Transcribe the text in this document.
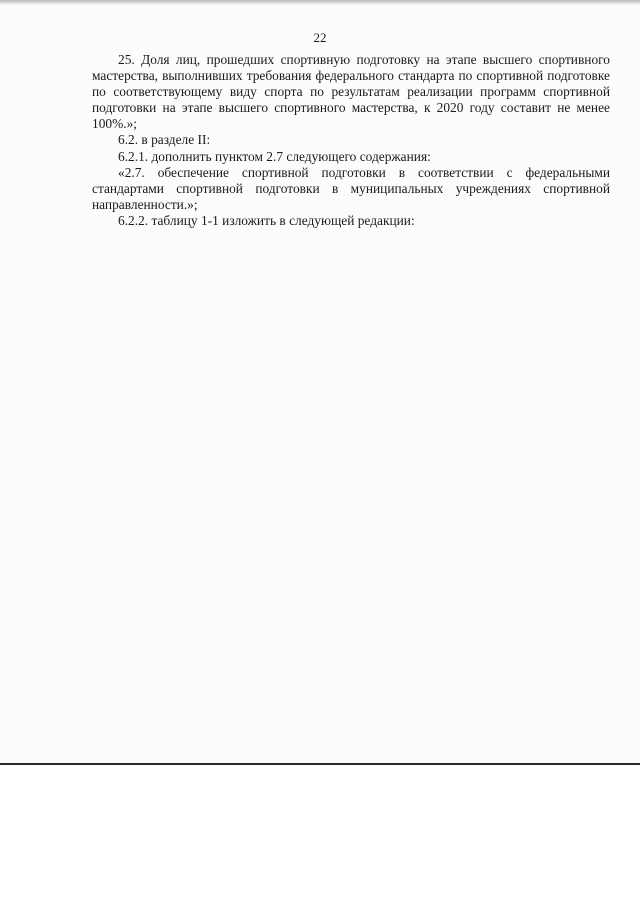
22

25. Доля лиц, прошедших спортивную подготовку на этапе высшего спортивного мастерства, выполнивших требования федерального стандарта по спортивной подготовке по соответствующему виду спорта по результатам реализации программ спортивной подготовки на этапе высшего спортивного мастерства, к 2020 году составит не менее 100%.»;

6.2. в разделе II:

6.2.1. дополнить пунктом 2.7 следующего содержания:

«2.7. обеспечение спортивной подготовки в соответствии с федеральными стандартами спортивной подготовки в муниципальных учреждениях спортивной направленности.»;

6.2.2. таблицу 1-1 изложить в следующей редакции:
